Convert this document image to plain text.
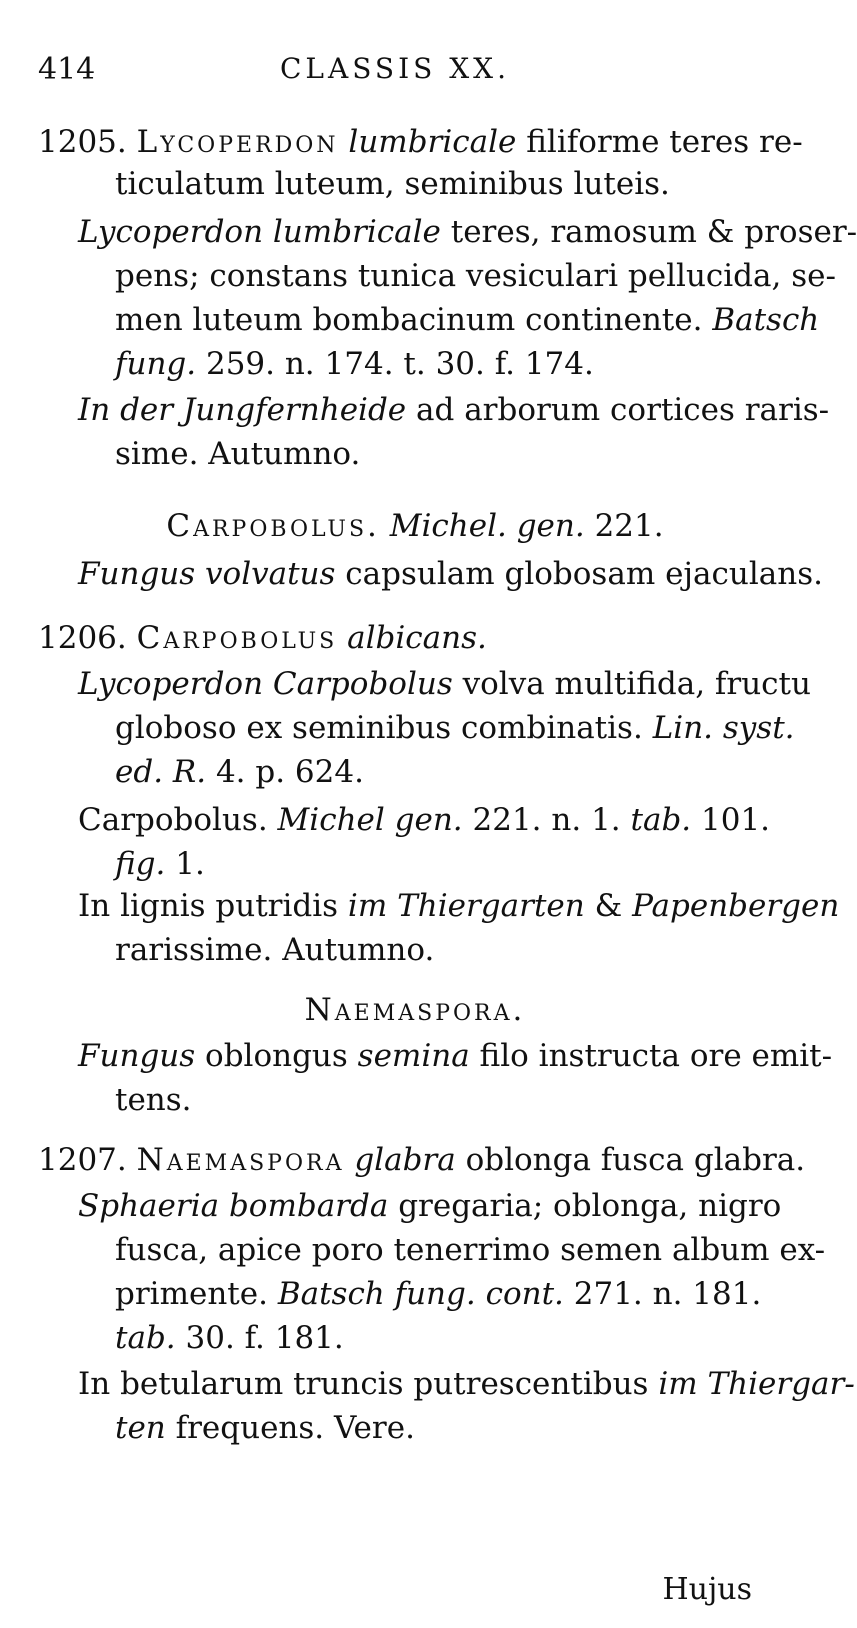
414	CLASSIS XX.
1205. Lycoperdon lumbricale filiforme teres re-
ticulatum luteum, seminibus luteis.
Lycoperdon lumbricale teres, ramosum & proser-
pens; constans tunica vesiculari pellucida, se-
men luteum bombacinum continente. Batsch
fung. 259. n. 174. t. 30. f. 174.
In der Jungfernheide ad arborum cortices raris-
sime. Autumno.
Carpobolus. Michel. gen. 221.
Fungus volvatus capsulam globosam ejaculans.
1206. Carpobolus albicans.
Lycoperdon Carpobolus volva multifida, fructu
globoso ex seminibus combinatis. Lin. syst.
ed. R. 4. p. 624.
Carpobolus. Michel gen. 221. n. 1. tab. 101.
fig. 1.
In lignis putridis im Thiergarten & Papenbergen
rarissime. Autumno.
Naemaspora.
Fungus oblongus semina filo instructa ore emit-
tens.
1207. Naemaspora glabra oblonga fusca glabra.
Sphaeria bombarda gregaria; oblonga, nigro
fusca, apice poro tenerrimo semen album ex-
primente. Batsch fung. cont. 271. n. 181.
tab. 30. f. 181.
In betularum truncis putrescentibus im Thiergar-
ten frequens. Vere.
Hujus
